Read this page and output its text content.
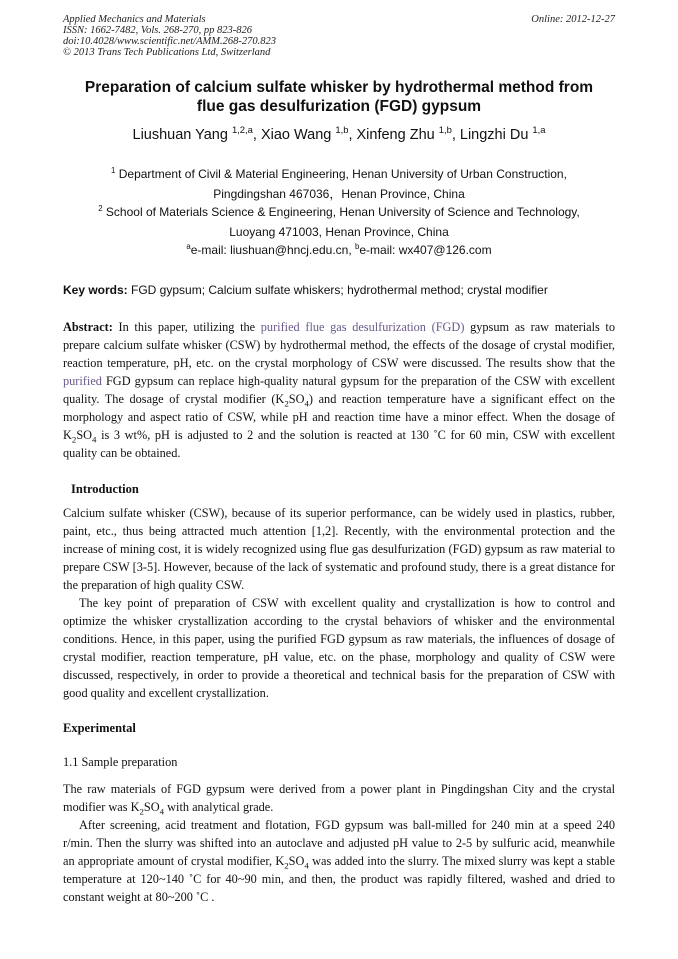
Applied Mechanics and Materials
ISSN: 1662-7482, Vols. 268-270, pp 823-826
doi:10.4028/www.scientific.net/AMM.268-270.823
© 2013 Trans Tech Publications Ltd, Switzerland
Online: 2012-12-27
Preparation of calcium sulfate whisker by hydrothermal method from
flue gas desulfurization (FGD) gypsum
Liushuan Yang $^{1,2,a}$, Xiao Wang $^{1,b}$, Xinfeng Zhu $^{1,b}$, Lingzhi Du $^{1,a}$
$^1$ Department of Civil & Material Engineering, Henan University of Urban Construction,
Pingdingshan 467036，Henan Province, China
$^2$ School of Materials Science & Engineering, Henan University of Science and Technology,
Luoyang 471003, Henan Province, China
$^a$e-mail: liushuan@hncj.edu.cn, $^b$e-mail: wx407@126.com
Key words: FGD gypsum; Calcium sulfate whiskers; hydrothermal method; crystal modifier
Abstract: In this paper, utilizing the purified flue gas desulfurization (FGD) gypsum as raw materials to prepare calcium sulfate whisker (CSW) by hydrothermal method, the effects of the dosage of crystal modifier, reaction temperature, pH, etc. on the crystal morphology of CSW were discussed. The results show that the purified FGD gypsum can replace high-quality natural gypsum for the preparation of the CSW with excellent quality. The dosage of crystal modifier $(K_2SO_4)$ and reaction temperature have a significant effect on the morphology and aspect ratio of CSW, while pH and reaction time have a minor effect. When the dosage of $K_2SO_4$ is 3 wt%, pH is adjusted to 2 and the solution is reacted at 130 ˚C for 60 min, CSW with excellent quality can be obtained.
Introduction
Calcium sulfate whisker (CSW), because of its superior performance, can be widely used in plastics, rubber, paint, etc., thus being attracted much attention [1,2]. Recently, with the environmental protection and the increase of mining cost, it is widely recognized using flue gas desulfurization (FGD) gypsum as raw material to prepare CSW [3-5]. However, because of the lack of systematic and profound study, there is a great distance for the preparation of high quality CSW.
The key point of preparation of CSW with excellent quality and crystallization is how to control and optimize the whisker crystallization according to the crystal behaviors of whisker and the environmental conditions. Hence, in this paper, using the purified FGD gypsum as raw materials, the influences of dosage of crystal modifier, reaction temperature, pH value, etc. on the phase, morphology and quality of CSW were discussed, respectively, in order to provide a theoretical and technical basis for the preparation of CSW with good quality and excellent crystallization.
Experimental
1.1 Sample preparation
The raw materials of FGD gypsum were derived from a power plant in Pingdingshan City and the crystal modifier was $K_2SO_4$ with analytical grade.
After screening, acid treatment and flotation, FGD gypsum was ball-milled for 240 min at a speed 240 r/min. Then the slurry was shifted into an autoclave and adjusted pH value to 2-5 by sulfuric acid, meanwhile an appropriate amount of crystal modifier, $K_2SO_4$ was added into the slurry. The mixed slurry was kept a stable temperature at 120~140 ˚C for 40~90 min, and then, the product was rapidly filtered, washed and dried to constant weight at 80~200 ˚C .
